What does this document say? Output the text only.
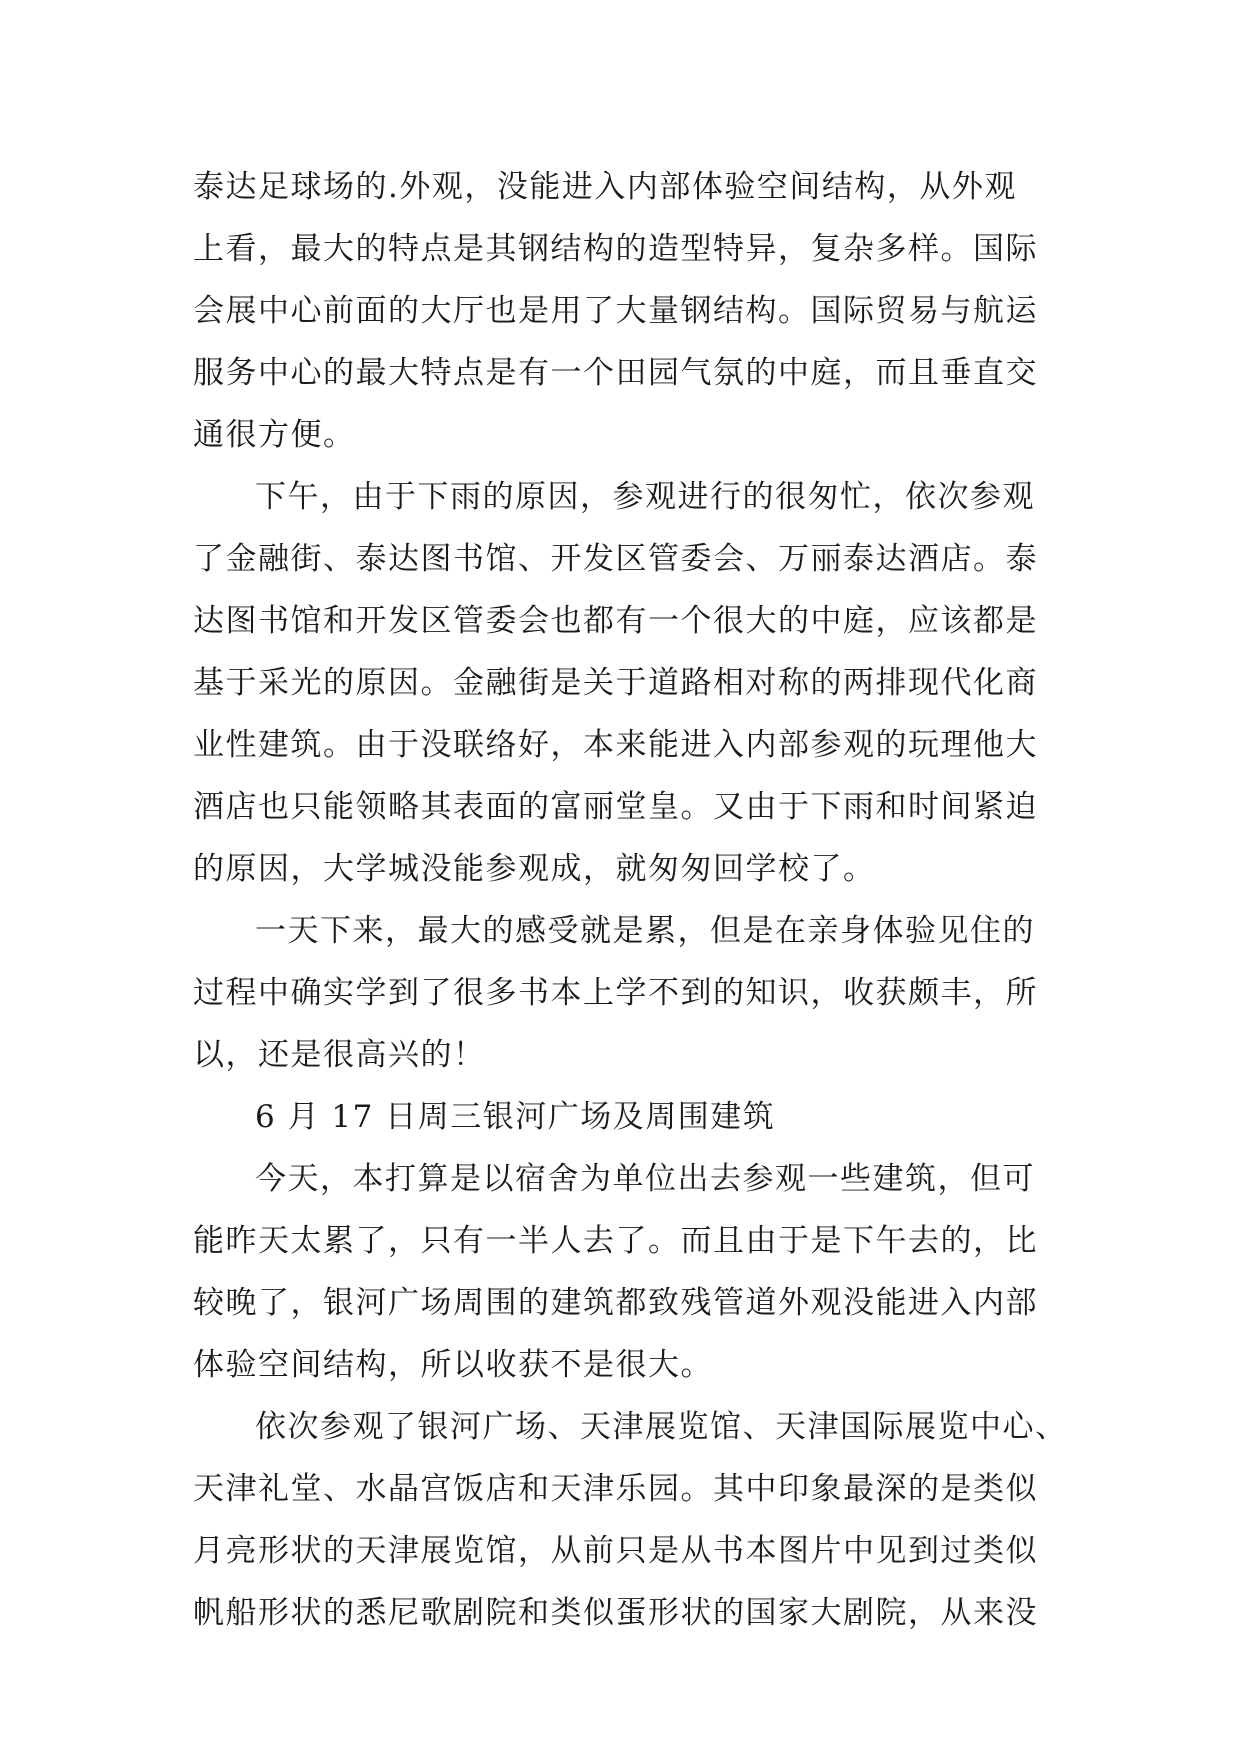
泰达足球场的.外观，没能进入内部体验空间结构，从外观
上看，最大的特点是其钢结构的造型特异，复杂多样。国际
会展中心前面的大厅也是用了大量钢结构。国际贸易与航运
服务中心的最大特点是有一个田园气氛的中庭，而且垂直交
通很方便。
下午，由于下雨的原因，参观进行的很匆忙，依次参观
了金融街、泰达图书馆、开发区管委会、万丽泰达酒店。泰
达图书馆和开发区管委会也都有一个很大的中庭，应该都是
基于采光的原因。金融街是关于道路相对称的两排现代化商
业性建筑。由于没联络好，本来能进入内部参观的玩理他大
酒店也只能领略其表面的富丽堂皇。又由于下雨和时间紧迫
的原因，大学城没能参观成，就匆匆回学校了。
一天下来，最大的感受就是累，但是在亲身体验见住的
过程中确实学到了很多书本上学不到的知识，收获颇丰，所
以，还是很高兴的！
6 月 17 日周三银河广场及周围建筑
今天，本打算是以宿舍为单位出去参观一些建筑，但可
能昨天太累了，只有一半人去了。而且由于是下午去的，比
较晚了，银河广场周围的建筑都致残管道外观没能进入内部
体验空间结构，所以收获不是很大。
依次参观了银河广场、天津展览馆、天津国际展览中心、
天津礼堂、水晶宫饭店和天津乐园。其中印象最深的是类似
月亮形状的天津展览馆，从前只是从书本图片中见到过类似
帆船形状的悉尼歌剧院和类似蛋形状的国家大剧院，从来没
